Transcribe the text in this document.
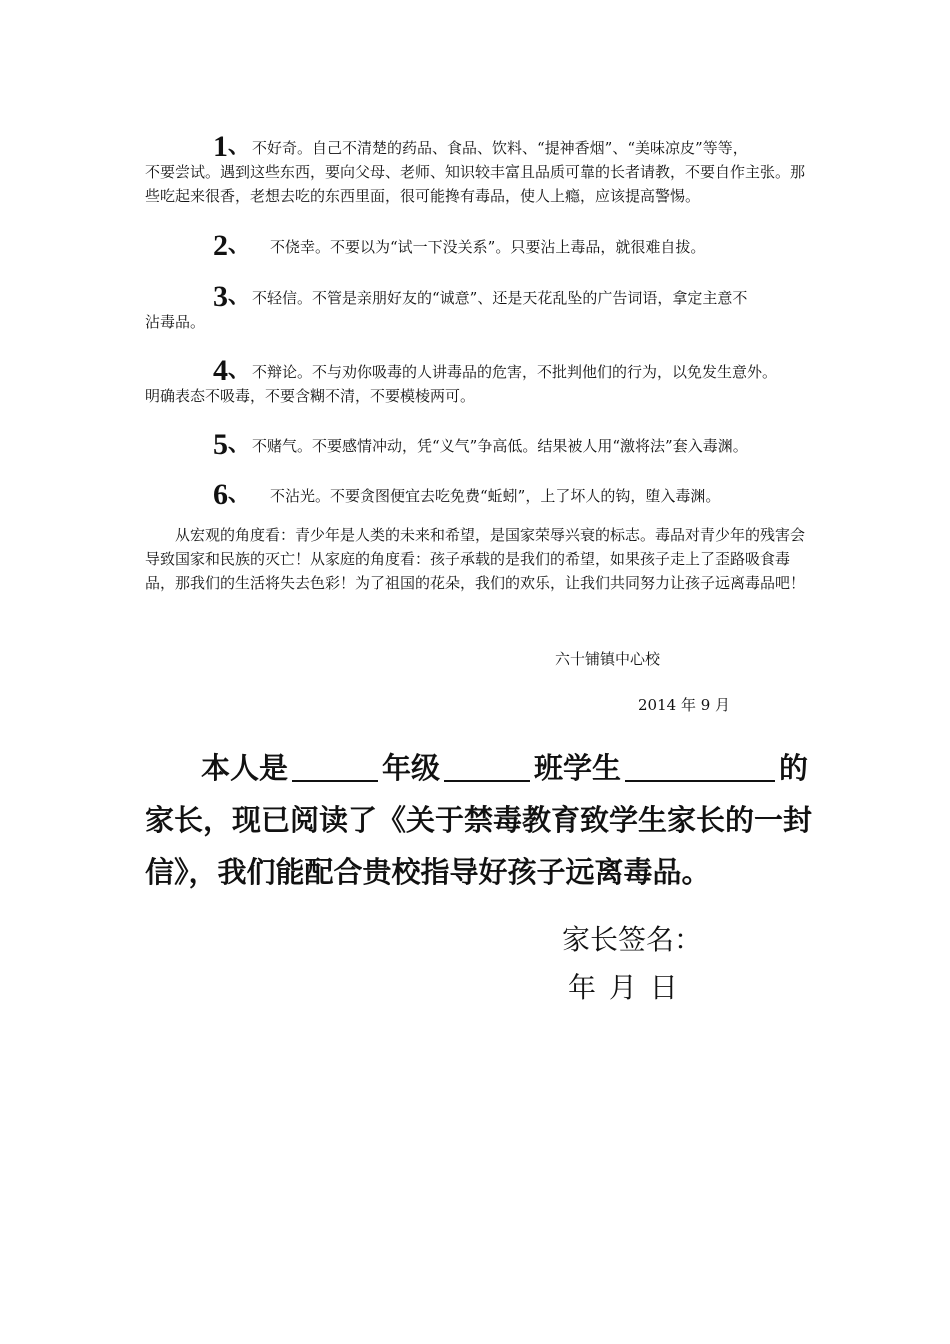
1、 不好奇。自己不清楚的药品、食品、饮料、“提神香烟”、“美味凉皮”等等，
不要尝试。遇到这些东西，要向父母、老师、知识较丰富且品质可靠的长者请教，不要自作主张。那些吃起来很香，老想去吃的东西里面，很可能搀有毒品，使人上瘾，应该提高警惕。
2、 不侥幸。不要以为“试一下没关系”。只要沾上毒品，就很难自拔。
3、 不轻信。不管是亲朋好友的“诚意”、还是天花乱坠的广告词语，拿定主意不
沾毒品。
4、 不辩论。不与劝你吸毒的人讲毒品的危害，不批判他们的行为，以免发生意外。
明确表态不吸毒，不要含糊不清，不要模棱两可。
5、 不赌气。不要感情冲动，凭“义气”争高低。结果被人用“激将法”套入毒渊。
6、 不沾光。不要贪图便宜去吃免费“蚯蚓”，上了坏人的钩，堕入毒渊。
从宏观的角度看：青少年是人类的未来和希望，是国家荣辱兴衰的标志。毒品对青少年的残害会导致国家和民族的灭亡！从家庭的角度看：孩子承载的是我们的希望，如果孩子走上了歪路吸食毒品，那我们的生活将失去色彩！为了祖国的花朵，我们的欢乐，让我们共同努力让孩子远离毒品吧！
六十铺镇中心校
2014 年 9 月
本人是	年级	班学生	的
家长，现已阅读了《关于禁毒教育致学生家长的一封
信》，我们能配合贵校指导好孩子远离毒品。
家长签名：
年 月 日
